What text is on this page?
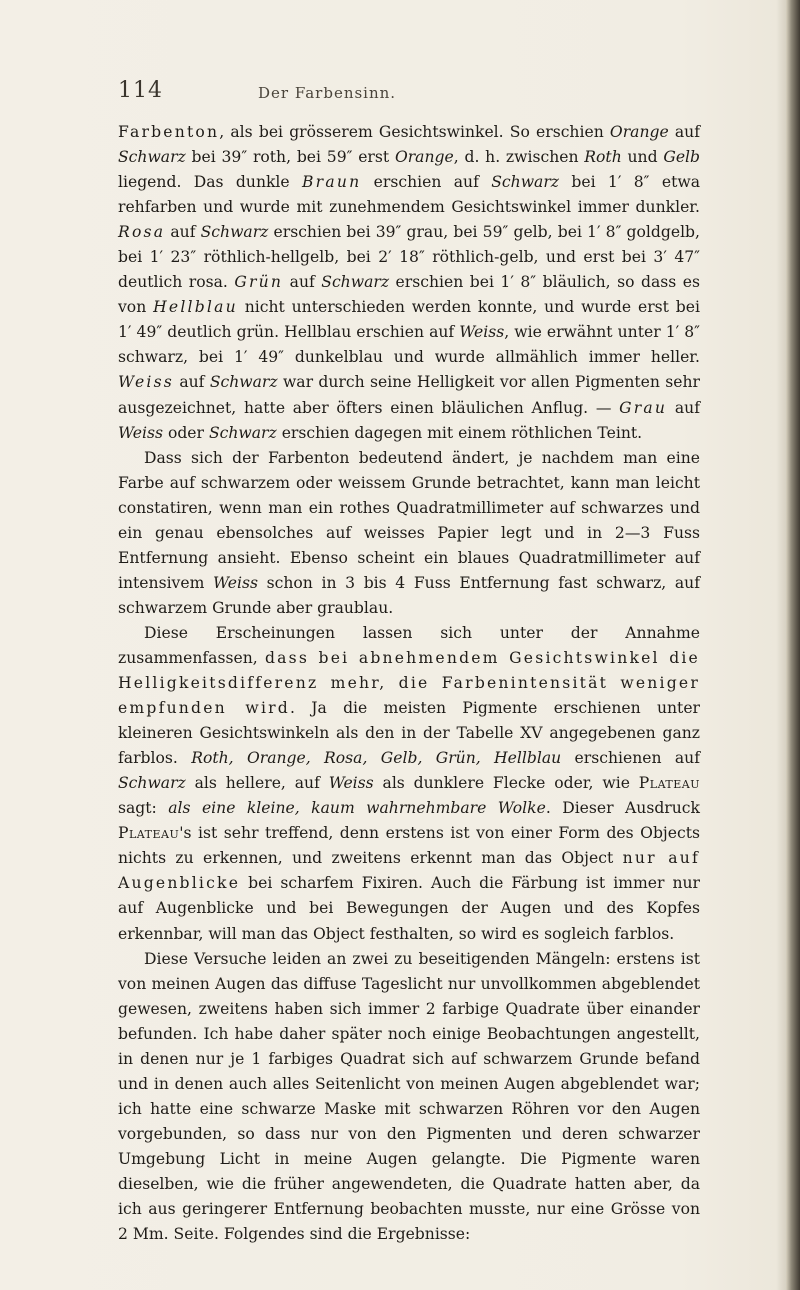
114	Der Farbensinn.

Farbenton, als bei grösserem Gesichtswinkel. So erschien Orange auf Schwarz bei 39″ roth, bei 59″ erst Orange, d. h. zwischen Roth und Gelb liegend. Das dunkle Braun erschien auf Schwarz bei 1′ 8″ etwa rehfarben und wurde mit zunehmendem Gesichtswinkel immer dunkler. Rosa auf Schwarz erschien bei 39″ grau, bei 59″ gelb, bei 1′ 8″ goldgelb, bei 1′ 23″ röthlich-hellgelb, bei 2′ 18″ röthlich-gelb, und erst bei 3′ 47″ deutlich rosa. Grün auf Schwarz erschien bei 1′ 8″ bläulich, so dass es von Hellblau nicht unterschieden werden konnte, und wurde erst bei 1′ 49″ deutlich grün. Hellblau erschien auf Weiss, wie erwähnt unter 1′ 8″ schwarz, bei 1′ 49″ dunkelblau und wurde allmählich immer heller. Weiss auf Schwarz war durch seine Helligkeit vor allen Pigmenten sehr ausgezeichnet, hatte aber öfters einen bläulichen Anflug. — Grau auf Weiss oder Schwarz erschien dagegen mit einem röthlichen Teint.

Dass sich der Farbenton bedeutend ändert, je nachdem man eine Farbe auf schwarzem oder weissem Grunde betrachtet, kann man leicht constatiren, wenn man ein rothes Quadratmillimeter auf schwarzes und ein genau ebensolches auf weisses Papier legt und in 2—3 Fuss Entfernung ansieht. Ebenso scheint ein blaues Quadratmillimeter auf intensivem Weiss schon in 3 bis 4 Fuss Entfernung fast schwarz, auf schwarzem Grunde aber graublau.

Diese Erscheinungen lassen sich unter der Annahme zusammenfassen, dass bei abnehmendem Gesichtswinkel die Helligkeitsdifferenz mehr, die Farbenintensität weniger empfunden wird. Ja die meisten Pigmente erschienen unter kleineren Gesichtswinkeln als den in der Tabelle XV angegebenen ganz farblos. Roth, Orange, Rosa, Gelb, Grün, Hellblau erschienen auf Schwarz als hellere, auf Weiss als dunklere Flecke oder, wie Plateau sagt: als eine kleine, kaum wahrnehmbare Wolke. Dieser Ausdruck Plateau's ist sehr treffend, denn erstens ist von einer Form des Objects nichts zu erkennen, und zweitens erkennt man das Object nur auf Augenblicke bei scharfem Fixiren. Auch die Färbung ist immer nur auf Augenblicke und bei Bewegungen der Augen und des Kopfes erkennbar, will man das Object festhalten, so wird es sogleich farblos.

Diese Versuche leiden an zwei zu beseitigenden Mängeln: erstens ist von meinen Augen das diffuse Tageslicht nur unvollkommen abgeblendet gewesen, zweitens haben sich immer 2 farbige Quadrate über einander befunden. Ich habe daher später noch einige Beobachtungen angestellt, in denen nur je 1 farbiges Quadrat sich auf schwarzem Grunde befand und in denen auch alles Seitenlicht von meinen Augen abgeblendet war; ich hatte eine schwarze Maske mit schwarzen Röhren vor den Augen vorgebunden, so dass nur von den Pigmenten und deren schwarzer Umgebung Licht in meine Augen gelangte. Die Pigmente waren dieselben, wie die früher angewendeten, die Quadrate hatten aber, da ich aus geringerer Entfernung beobachten musste, nur eine Grösse von 2 Mm. Seite. Folgendes sind die Ergebnisse:
